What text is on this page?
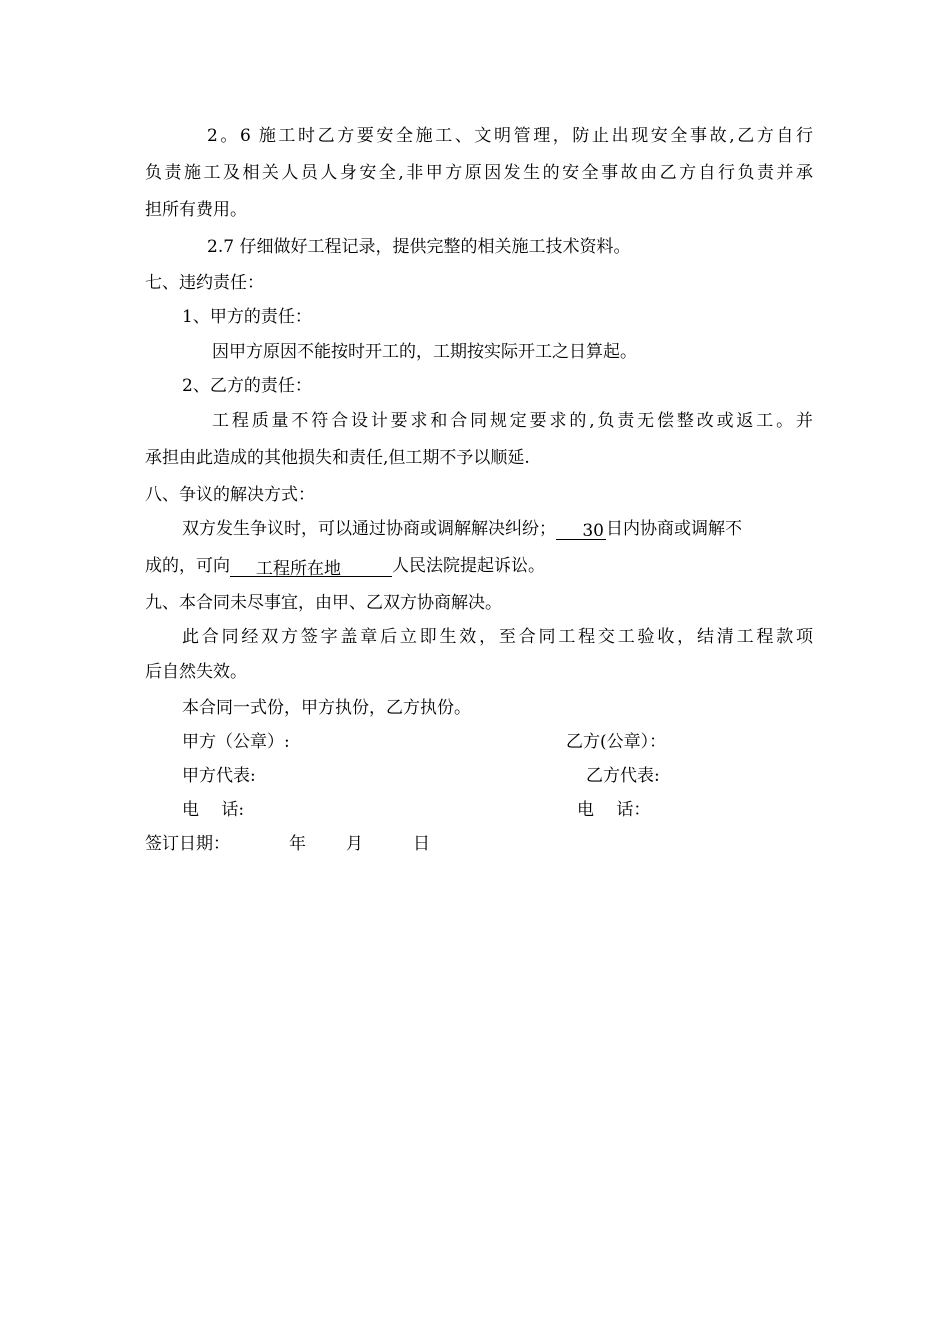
2。6 施工时乙方要安全施工、文明管理，防止出现安全事故,乙方自行
负责施工及相关人员人身安全,非甲方原因发生的安全事故由乙方自行负责并承
担所有费用。
2.7 仔细做好工程记录，提供完整的相关施工技术资料。
七、违约责任：
1、甲方的责任：
因甲方原因不能按时开工的，工期按实际开工之日算起。
2、乙方的责任：
工程质量不符合设计要求和合同规定要求的,负责无偿整改或返工。并
承担由此造成的其他损失和责任,但工期不予以顺延.
八、争议的解决方式：
双方发生争议时，可以通过协商或调解解决纠纷； 30 日内协商或调解不
成的，可向 工程所在地	人民法院提起诉讼。
九、本合同未尽事宜，由甲、乙双方协商解决。
此合同经双方签字盖章后立即生效，至合同工程交工验收，结清工程款项
后自然失效。
本合同一式份，甲方执份，乙方执份。
甲方（公章）:	乙方(公章）：
甲方代表:	乙方代表:
电　 话:	电　 话：
签订日期：	年 月	日
